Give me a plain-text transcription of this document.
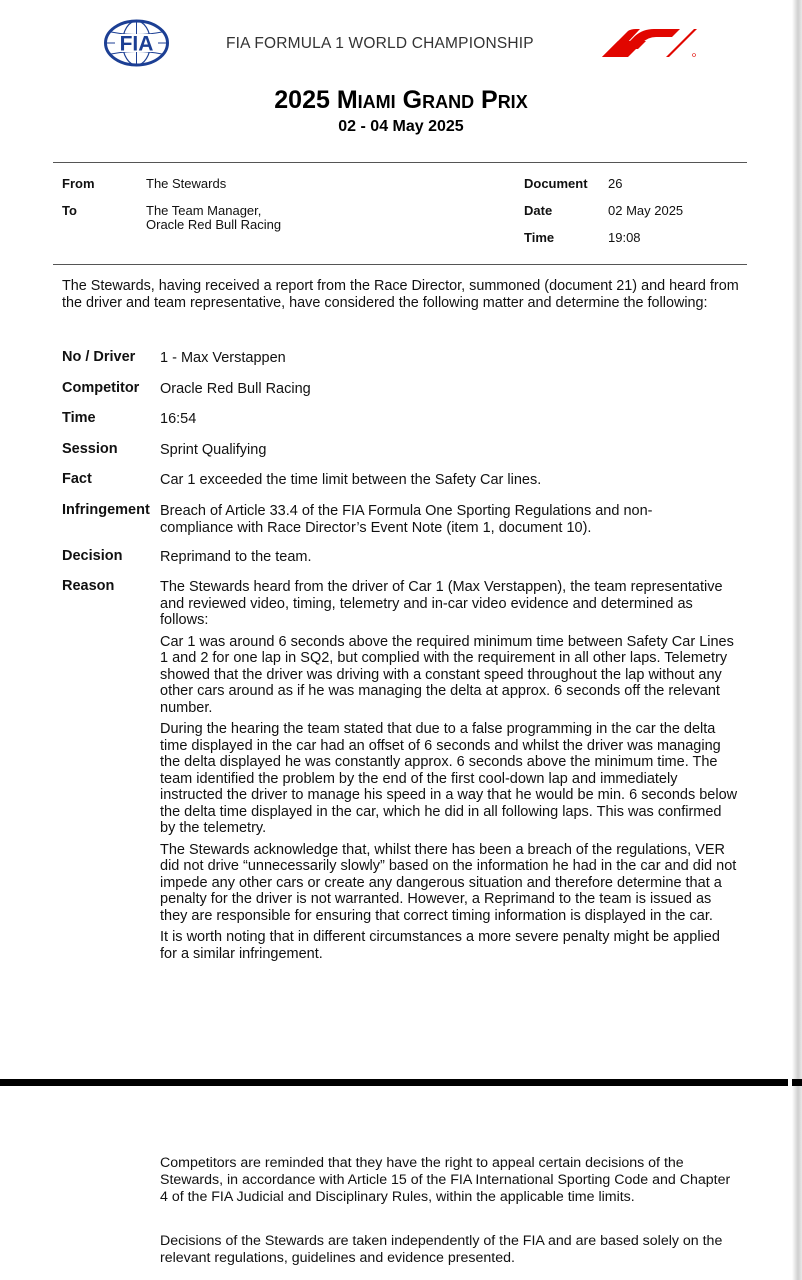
FIA	FIA FORMULA 1 WORLD CHAMPIONSHIP
2025 Miami Grand Prix
02 - 04 May 2025
From	The Stewards
To	The Team Manager,
Oracle Red Bull Racing
Document 26
Date	02 May 2025
Time	19:08
The Stewards, having received a report from the Race Director, summoned (document 21) and heard from the driver and team representative, have considered the following matter and determine the following:
No / Driver 1 - Max Verstappen
Competitor Oracle Red Bull Racing
Time	16:54
Session	Sprint Qualifying
Fact	Car 1 exceeded the time limit between the Safety Car lines.
Infringement Breach of Article 33.4 of the FIA Formula One Sporting Regulations and non-compliance with Race Director’s Event Note (item 1, document 10).
Decision	Reprimand to the team.
Reason	The Stewards heard from the driver of Car 1 (Max Verstappen), the team representative and reviewed video, timing, telemetry and in-car video evidence and determined as follows:

Car 1 was around 6 seconds above the required minimum time between Safety Car Lines 1 and 2 for one lap in SQ2, but complied with the requirement in all other laps. Telemetry showed that the driver was driving with a constant speed throughout the lap without any other cars around as if he was managing the delta at approx. 6 seconds off the relevant number.

During the hearing the team stated that due to a false programming in the car the delta time displayed in the car had an offset of 6 seconds and whilst the driver was managing the delta displayed he was constantly approx. 6 seconds above the minimum time. The team identified the problem by the end of the first cool-down lap and immediately instructed the driver to manage his speed in a way that he would be min. 6 seconds below the delta time displayed in the car, which he did in all following laps. This was confirmed by the telemetry.

The Stewards acknowledge that, whilst there has been a breach of the regulations, VER did not drive “unnecessarily slowly” based on the information he had in the car and did not impede any other cars or create any dangerous situation and therefore determine that a penalty for the driver is not warranted. However, a Reprimand to the team is issued as they are responsible for ensuring that correct timing information is displayed in the car.

It is worth noting that in different circumstances a more severe penalty might be applied for a similar infringement.

Competitors are reminded that they have the right to appeal certain decisions of the Stewards, in accordance with Article 15 of the FIA International Sporting Code and Chapter 4 of the FIA Judicial and Disciplinary Rules, within the applicable time limits.
Decisions of the Stewards are taken independently of the FIA and are based solely on the relevant regulations, guidelines and evidence presented.
